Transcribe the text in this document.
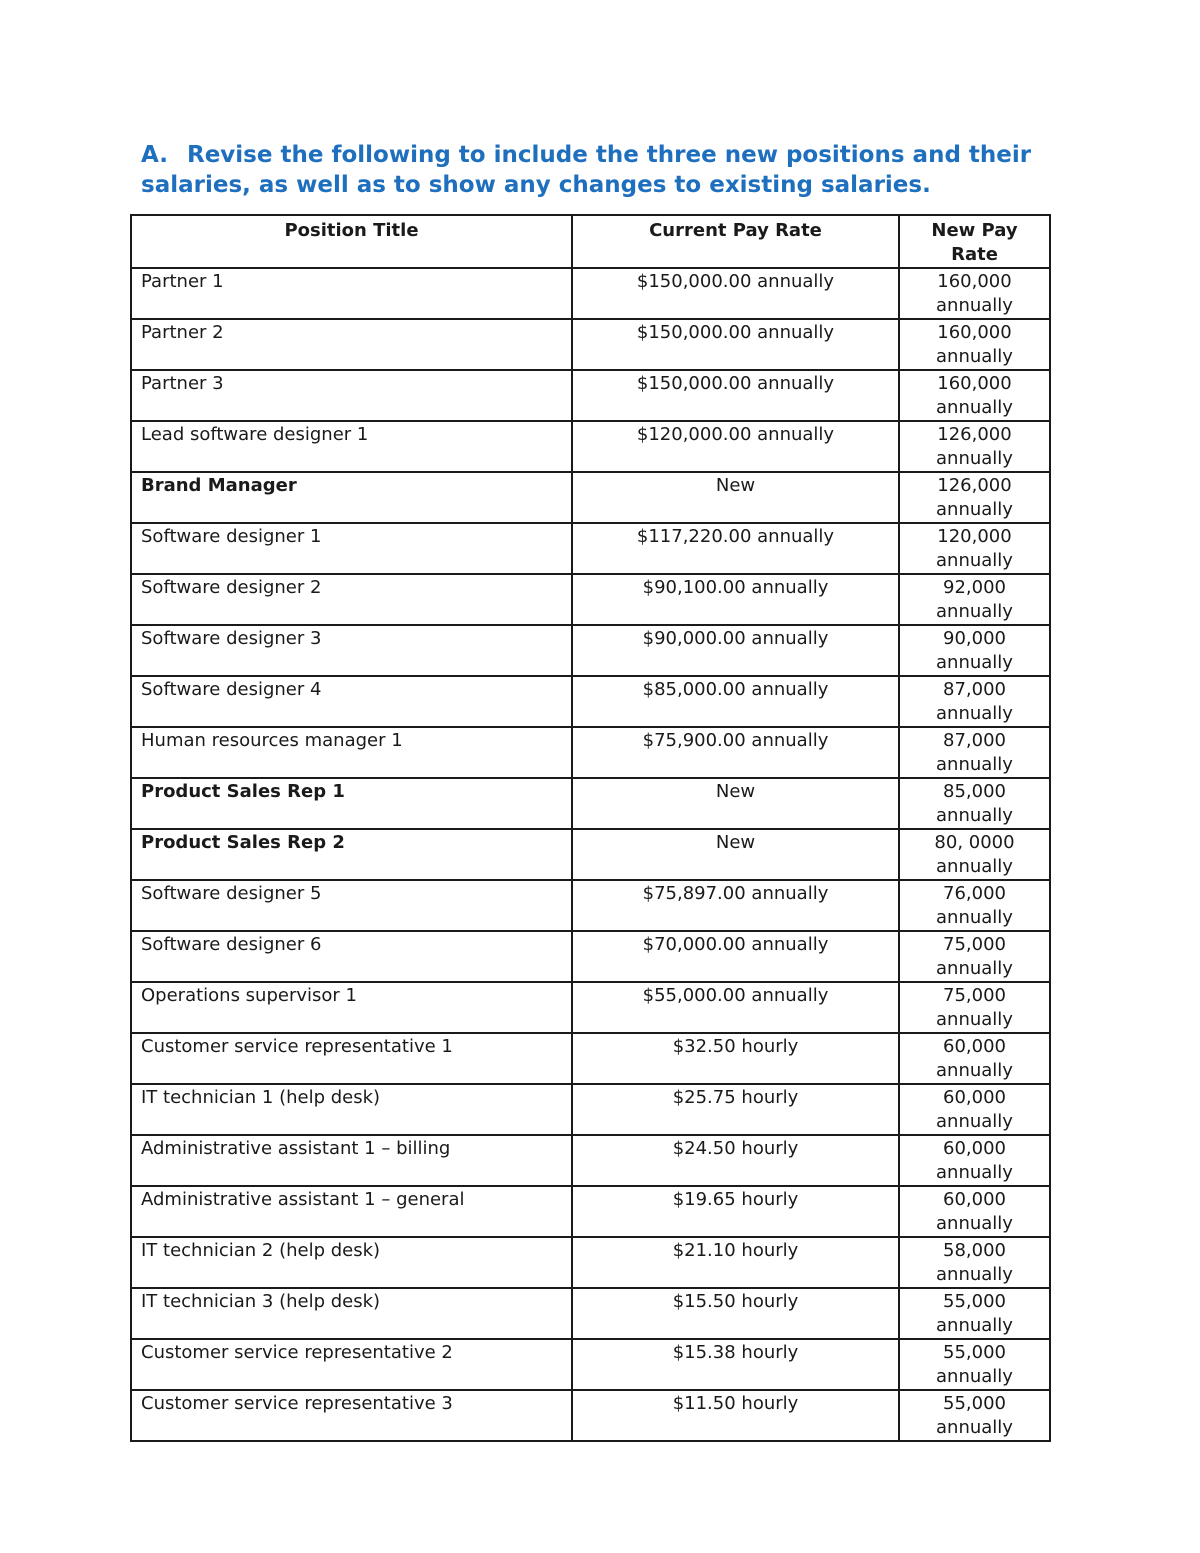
A. Revise the following to include the three new positions and their salaries, as well as to show any changes to existing salaries.
Position Title	Current Pay Rate	New Pay Rate
Partner 1	$150,000.00 annually	160,000 annually
Partner 2	$150,000.00 annually	160,000 annually
Partner 3	$150,000.00 annually	160,000 annually
Lead software designer 1	$120,000.00 annually	126,000 annually
Brand Manager	New	126,000 annually
Software designer 1	$117,220.00 annually	120,000 annually
Software designer 2	$90,100.00 annually	92,000 annually
Software designer 3	$90,000.00 annually	90,000 annually
Software designer 4	$85,000.00 annually	87,000 annually
Human resources manager 1	$75,900.00 annually	87,000 annually
Product Sales Rep 1	New	85,000 annually
Product Sales Rep 2	New	80, 0000 annually
Software designer 5	$75,897.00 annually	76,000 annually
Software designer 6	$70,000.00 annually	75,000 annually
Operations supervisor 1	$55,000.00 annually	75,000 annually
Customer service representative 1	$32.50 hourly	60,000 annually
IT technician 1 (help desk)	$25.75 hourly	60,000 annually
Administrative assistant 1 – billing	$24.50 hourly	60,000 annually
Administrative assistant 1 – general	$19.65 hourly	60,000 annually
IT technician 2 (help desk)	$21.10 hourly	58,000 annually
IT technician 3 (help desk)	$15.50 hourly	55,000 annually
Customer service representative 2	$15.38 hourly	55,000 annually
Customer service representative 3	$11.50 hourly	55,000 annually
